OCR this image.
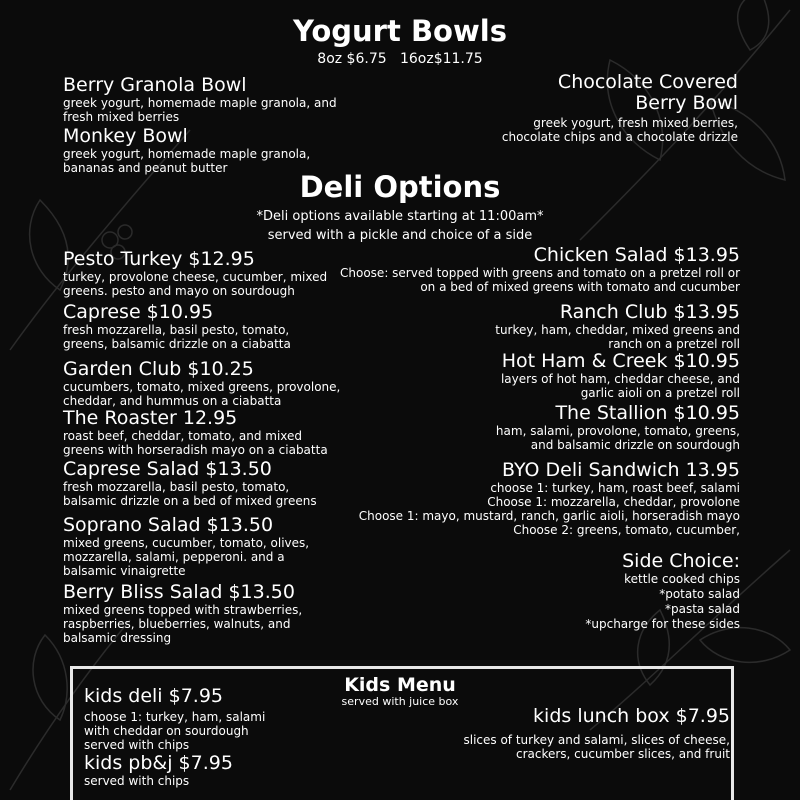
Yogurt Bowls
8oz $6.75   16oz$11.75
Berry Granola Bowl
greek yogurt, homemade maple granola, and fresh mixed berries
Monkey Bowl
greek yogurt, homemade maple granola, bananas and peanut butter
Chocolate Covered
Berry Bowl
greek yogurt, fresh mixed berries, chocolate chips and a chocolate drizzle
Deli Options
*Deli options available starting at 11:00am*
served with a pickle and choice of a side
Pesto Turkey $12.95
turkey, provolone cheese, cucumber, mixed greens. pesto and mayo on sourdough
Caprese $10.95
fresh mozzarella, basil pesto, tomato, greens, balsamic drizzle on a ciabatta
Garden Club $10.25
cucumbers, tomato, mixed greens, provolone, cheddar, and hummus on a ciabatta
The Roaster 12.95
roast beef, cheddar, tomato, and mixed greens with horseradish mayo on a ciabatta
Caprese Salad $13.50
fresh mozzarella, basil pesto, tomato, balsamic drizzle on a bed of mixed greens
Soprano Salad $13.50
mixed greens, cucumber, tomato, olives, mozzarella, salami, pepperoni. and a balsamic vinaigrette
Berry Bliss Salad $13.50
mixed greens topped with strawberries, raspberries, blueberries, walnuts, and balsamic dressing
Chicken Salad $13.95
Choose: served topped with greens and tomato on a pretzel roll or
on a bed of mixed greens with tomato and cucumber
Ranch Club $13.95
turkey, ham, cheddar, mixed greens and
ranch on a pretzel roll
Hot Ham & Creek $10.95
layers of hot ham, cheddar cheese, and
garlic aioli on a pretzel roll
The Stallion $10.95
ham, salami, provolone, tomato, greens,
and balsamic drizzle on sourdough
BYO Deli Sandwich 13.95
choose 1: turkey, ham, roast beef, salami
Choose 1: mozzarella, cheddar, provolone
Choose 1: mayo, mustard, ranch, garlic aioli, horseradish mayo
Choose 2: greens, tomato, cucumber,
Side Choice:
kettle cooked chips
*potato salad
*pasta salad
*upcharge for these sides
Kids Menu
served with juice box
kids deli $7.95
choose 1: turkey, ham, salami
with cheddar on sourdough
served with chips
kids pb&j $7.95
served with chips
kids lunch box $7.95
slices of turkey and salami, slices of cheese,
crackers, cucumber slices, and fruit
